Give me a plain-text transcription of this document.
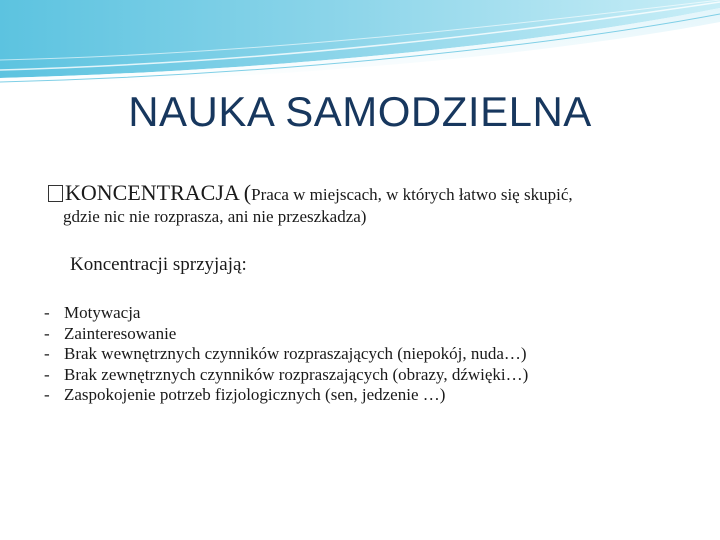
NAUKA SAMODZIELNA
KONCENTRACJA (Praca w miejscach, w których łatwo się skupić,
gdzie nic nie rozprasza, ani nie przeszkadza)
Koncentracji sprzyjają:
- Motywacja
- Zainteresowanie
- Brak wewnętrznych czynników rozpraszających (niepokój, nuda…)
- Brak zewnętrznych czynników rozpraszających (obrazy, dźwięki…)
- Zaspokojenie potrzeb fizjologicznych (sen, jedzenie …)
